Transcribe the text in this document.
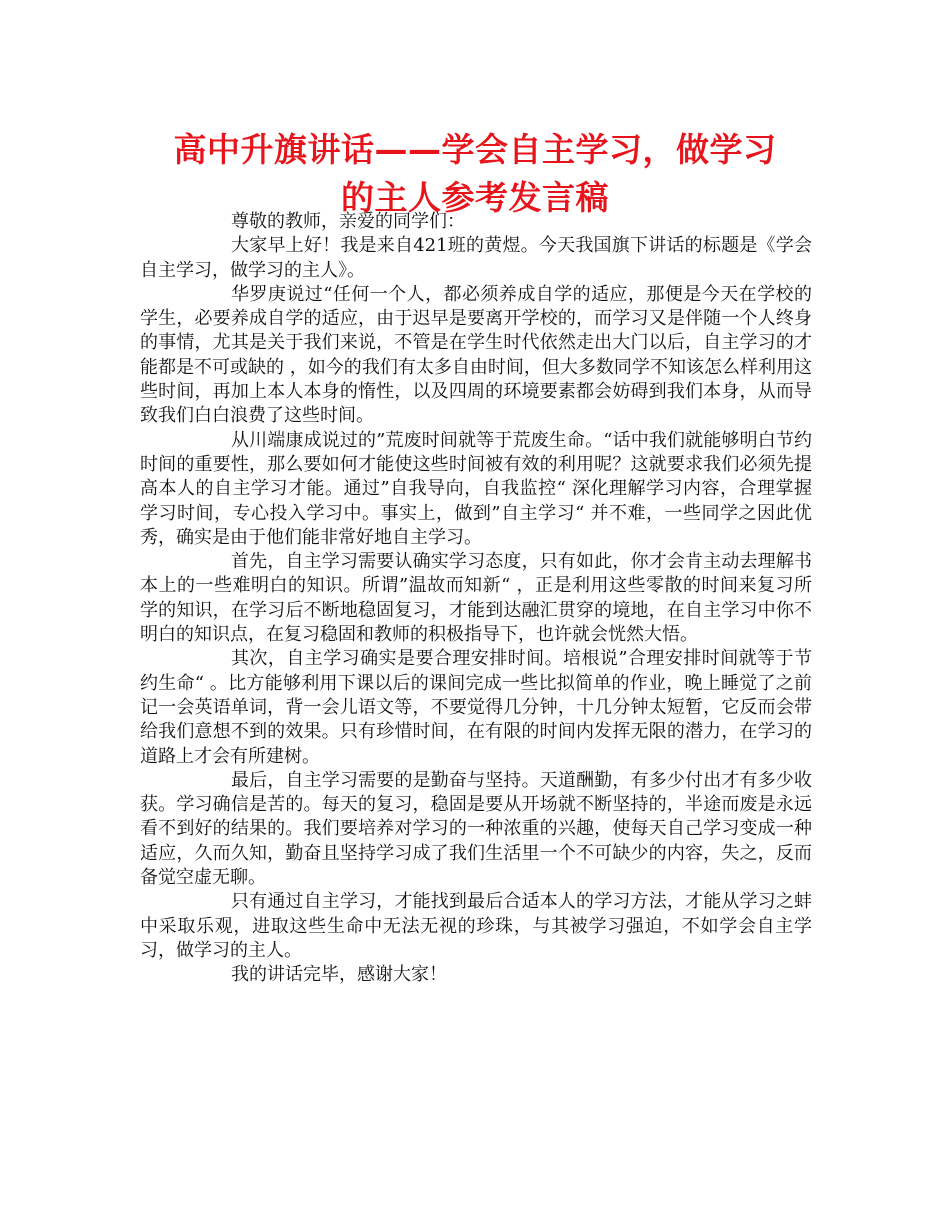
高中升旗讲话——学会自主学习，做学习
的主人参考发言稿

尊敬的教师，亲爱的同学们：

大家早上好！我是来自421班的黄煜。今天我国旗下讲话的标题是《学会自主学习，做学习的主人》。

华罗庚说过“任何一个人，都必须养成自学的适应，那便是今天在学校的学生，必要养成自学的适应，由于迟早是要离开学校的，而学习又是伴随一个人终身的事情，尤其是关于我们来说，不管是在学生时代依然走出大门以后，自主学习的才能都是不可或缺的 ，如今的我们有太多自由时间，但大多数同学不知该怎么样利用这些时间，再加上本人本身的惰性，以及四周的环境要素都会妨碍到我们本身，从而导致我们白白浪费了这些时间。

从川端康成说过的”荒废时间就等于荒废生命。“话中我们就能够明白节约时间的重要性，那么要如何才能使这些时间被有效的利用呢？这就要求我们必须先提高本人的自主学习才能。通过”自我导向，自我监控“ 深化理解学习内容，合理掌握学习时间，专心投入学习中。事实上，做到”自主学习“ 并不难，一些同学之因此优秀，确实是由于他们能非常好地自主学习。

首先，自主学习需要认确实学习态度，只有如此，你才会肯主动去理解书本上的一些难明白的知识。所谓”温故而知新“ ，正是利用这些零散的时间来复习所学的知识，在学习后不断地稳固复习，才能到达融汇贯穿的境地，在自主学习中你不明白的知识点，在复习稳固和教师的积极指导下，也许就会恍然大悟。

其次，自主学习确实是要合理安排时间。培根说”合理安排时间就等于节约生命“ 。比方能够利用下课以后的课间完成一些比拟简单的作业，晚上睡觉了之前记一会英语单词，背一会儿语文等，不要觉得几分钟，十几分钟太短暂，它反而会带给我们意想不到的效果。只有珍惜时间，在有限的时间内发挥无限的潜力，在学习的道路上才会有所建树。

最后，自主学习需要的是勤奋与坚持。天道酬勤，有多少付出才有多少收获。学习确信是苦的。每天的复习，稳固是要从开场就不断坚持的，半途而废是永远看不到好的结果的。我们要培养对学习的一种浓重的兴趣，使每天自己学习变成一种适应，久而久知，勤奋且坚持学习成了我们生活里一个不可缺少的内容，失之，反而备觉空虚无聊。

只有通过自主学习，才能找到最后合适本人的学习方法，才能从学习之蚌中采取乐观，进取这些生命中无法无视的珍珠，与其被学习强迫，不如学会自主学习，做学习的主人。

我的讲话完毕，感谢大家！
